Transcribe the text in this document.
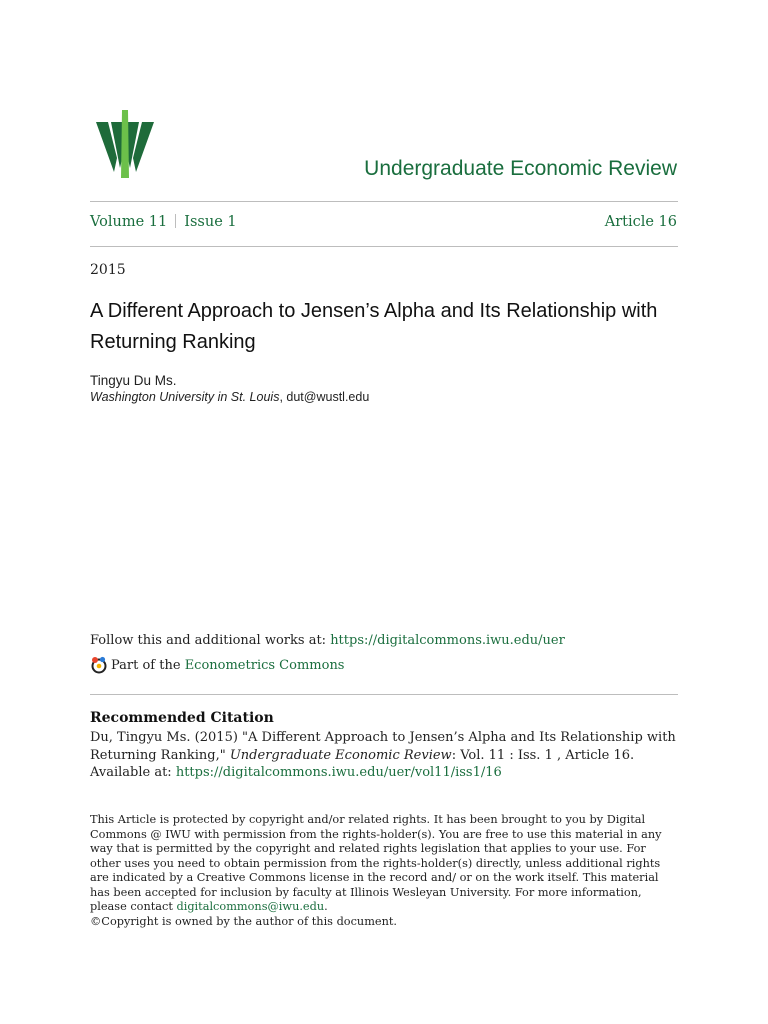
Undergraduate Economic Review
Volume 11 Issue 1	Article 16
2015
A Different Approach to Jensen’s Alpha and Its Relationship with Returning Ranking
Tingyu Du Ms.
Washington University in St. Louis, dut@wustl.edu
Follow this and additional works at: https://digitalcommons.iwu.edu/uer
Part of the
Econometrics Commons
Recommended Citation
Du, Tingyu Ms. (2015) "A Different Approach to Jensen’s Alpha and Its Relationship with Returning Ranking," Undergraduate Economic Review: Vol. 11 : Iss. 1 , Article 16.
Available at: https://digitalcommons.iwu.edu/uer/vol11/iss1/16
This Article is protected by copyright and/or related rights. It has been brought to you by Digital Commons @ IWU with permission from the rights-holder(s). You are free to use this material in any way that is permitted by the copyright and related rights legislation that applies to your use. For other uses you need to obtain permission from the rights-holder(s) directly, unless additional rights are indicated by a Creative Commons license in the record and/ or on the work itself. This material has been accepted for inclusion by faculty at Illinois Wesleyan University. For more information, please contact digitalcommons@iwu.edu.
©Copyright is owned by the author of this document.
